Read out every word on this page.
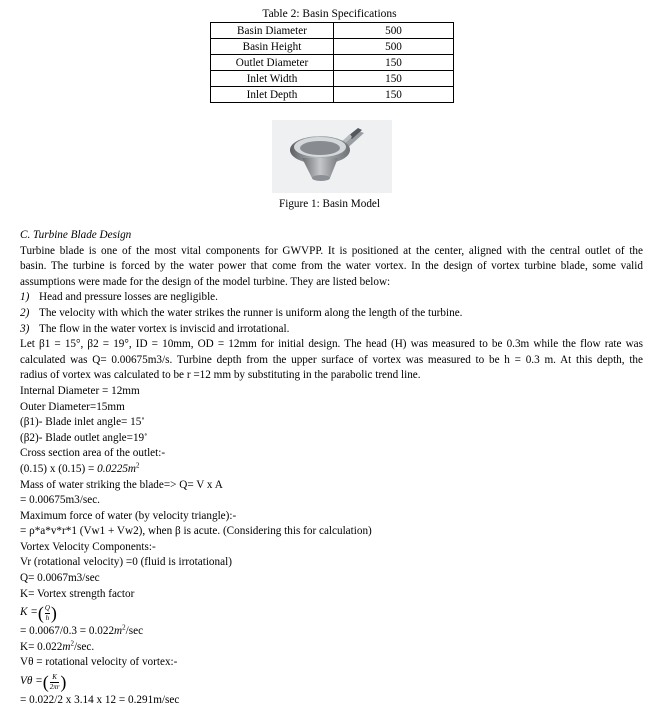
Table 2: Basin Specifications
Basin Diameter	500
Basin Height	500
Outlet Diameter	150
Inlet Width	150
Inlet Depth	150
Figure 1: Basin Model
C. Turbine Blade Design
Turbine blade is one of the most vital components for GWVPP. It is positioned at the center, aligned with the central outlet of the
basin. The turbine is forced by the water power that come from the water vortex. In the design of vortex turbine blade, some valid
assumptions were made for the design of the model turbine. They are listed below:
1) Head and pressure losses are negligible.
2) The velocity with which the water strikes the runner is uniform along the length of the turbine.
3) The flow in the water vortex is inviscid and irrotational.
Let β1 = 15°, β2 = 19°, ID = 10mm, OD = 12mm for initial design. The head (H) was measured to be 0.3m while the flow rate was
calculated was Q= 0.00675m3/s. Turbine depth from the upper surface of vortex was measured to be h = 0.3 m. At this depth, the
radius of vortex was calculated to be r =12 mm by substituting in the parabolic trend line.
Internal Diameter = 12mm
Outer Diameter=15mm
(β1)- Blade inlet angle= 15∘
(β2)- Blade outlet angle=19∘
Cross section area of the outlet:-
(0.15) x $(0.15) = 0.0225m^2$
Mass of water striking the blade=> Q= V x A
= 0.00675m3/sec.
Maximum force of water (by velocity triangle):-
= ρ*a*v*r*1 (Vw1 + Vw2), when β is acute. (Considering this for calculation)
Vortex Velocity Components:-
Vr (rotational velocity) =0 (fluid is irrotational)
Q= 0.0067m3/sec
K= Vortex strength factor
K = ( $\frac{Q}{h}$ )
= $0.0067/0.3 = 0.022m^2/\sec$
$K= 0.022m^2/\sec$.
Vθ = rotational velocity of vortex:-
Vθ = ( $\frac{K}{2\pi r}$ )
= 0.022/2 x 3.14 x 12 = 0.291m/sec
